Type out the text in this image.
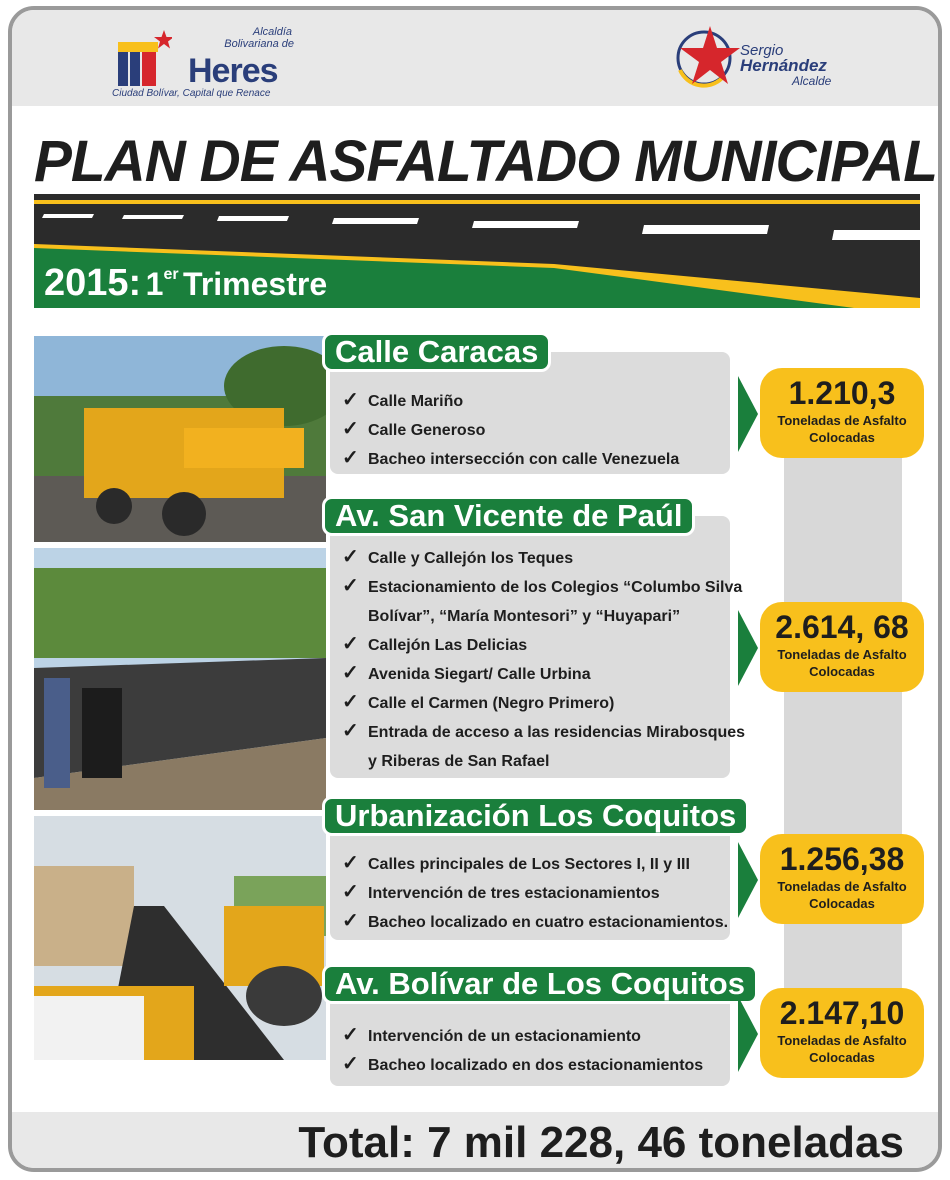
Alcaldía
Bolivariana de
Heres
Ciudad Bolívar, Capital que Renace
Sergio
Hernández
Alcalde
PLAN DE ASFALTADO MUNICIPAL
2015: 1er Trimestre
Calle Caracas
✓ Calle Mariño
✓ Calle Generoso
✓ Bacheo intersección con calle Venezuela
Av. San Vicente de Paúl
✓ Calle y Callejón los Teques
✓ Estacionamiento de los Colegios “Columbo Silva
Bolívar”, “María Montesori” y “Huyapari”
✓ Callejón Las Delicias
✓ Avenida Siegart/ Calle Urbina
✓ Calle el Carmen (Negro Primero)
✓ Entrada de acceso a las residencias Mirabosques
y Riberas de San Rafael
Urbanización Los Coquitos
✓ Calles principales de Los Sectores I, II y III
✓ Intervención de tres estacionamientos
✓ Bacheo localizado en cuatro estacionamientos.
Av. Bolívar de Los Coquitos
✓ Intervención de un estacionamiento
✓ Bacheo localizado en dos estacionamientos
1.210,3
Toneladas de Asfalto
Colocadas
2.614, 68
Toneladas de Asfalto
Colocadas
1.256,38
Toneladas de Asfalto
Colocadas
2.147,10
Toneladas de Asfalto
Colocadas
Total: 7 mil 228, 46 toneladas
